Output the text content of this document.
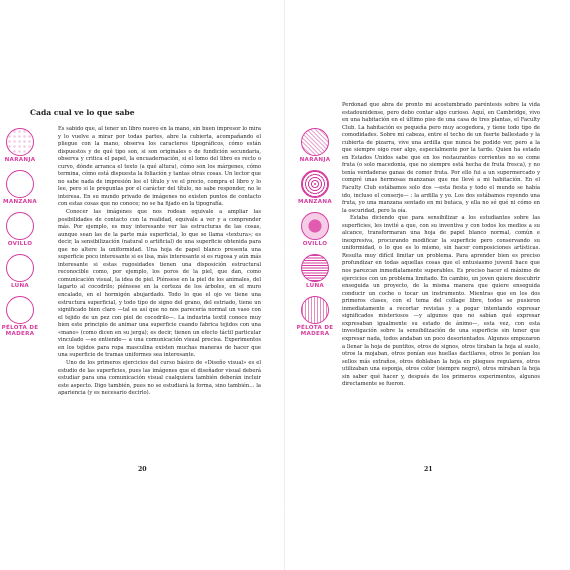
Cada cual ve lo que sabe
NARANJA
MANZANA
OVILLO
LUNA
PÉLOTA DE MADERA

Es sabido que, al tener un libro nuevo en la mano, sin buen impresor lo mira y lo vuelve a mirar por todas partes, abre la cubierta, acompañando el pliegue con la mano, observa los caracteres tipográficos, cómo están dispuestos y de qué tipo son, si son originales o de fundición secundaria, observa y critica el papel, la encuadernación, si el lomo del libro es recto o curvo, dónde arranca el texto (a qué altura), cómo son los márgenes, cómo termina, cómo está dispuesta la foliación y tantas otras cosas. Un lector que no sabe nada de impresión lee el título y ve el precio, compra el libro y lo lee, pero si le preguntas por el carácter del título, no sabe responder, no le interesa. En su mundo privado de imágenes no existen puntos de contacto con estas cosas que no conoce; no se ha fijado en la tipografía.

Conocer las imágenes que nos rodean equivale a ampliar las posibilidades de contacto con la realidad, equivale a ver y a comprender más. Por ejemplo, es muy interesante ver las estructuras de las cosas, aunque sean las de la parte más superficial, lo que se llama «textura»; es decir, la sensibilización (natural o artificial) de una superficie obtenida para que no altere la uniformidad. Una hoja de papel blanco presenta una superficie poco interesante si es lisa, más interesante si es rugosa y aún más interesante si estas rugosidades tienen una disposición estructural reconocible como, por ejemplo, los poros de la piel, que dan, como comunicación visual, la idea de piel. Piénsese en la piel de los animales, del lagarto al cocodrilo; piénsese en la corteza de los árboles, en el muro encalado, en el hormigón abujardado. Todo lo que el ojo ve tiene una estructura superficial, y todo tipo de signo del grano, del estriado, tiene un significado bien claro —tal es así que no nos parecería normal un vaso con el tejido de un pez con piel de cocodrilo—. La industria textil conoce muy bien este principio de animar una superficie cuando fabrica tejidos con una «mano» (como dicen en su jerga); es decir, tienen un efecto táctil particular vinculado —se entiende— a una comunicación visual precisa. Experimentos en los tejidos para ropa masculina existen muchas maneras de hacer que una superficie de tramas uniformes sea interesante.

Uno de los primeros ejercicios del curso básico de «Diseño visual» es el estudio de las superficies, pues las imágenes que el diseñador visual deberá estudiar para una comunicación visual cualquiera también deberán incluir este aspecto. Digo también, pues no se estudiará la forma, sino también… la apariencia (y es necesario decirlo).

20	21
NARANJA
MANZANA
OVILLO
LUNA
PÉLOTA DE MADERA

Perdonad que abra de pronto mi acostumbrado paréntesis sobre la vida estadounidense, pero debo contar algo curioso. Aquí, en Cambridge, vivo en una habitación en el último piso de una casa de tres plantas, el Faculty Club. La habitación es pequeña pero muy acogedora, y tiene todo tipo de comodidades. Sobre mi cabeza, entre el techo de un fuerte ballestado y la cubierta de pizarra, vive una ardilla que nunca he podido ver, pero a la que siempre oigo roer algo, especialmente por la tarde. Quien ha estado en Estados Unidos sabe que en los restaurantes corrientes no se come fruta (o solo macedonia, que no siempre está hecha de fruta fresca), y no tenía verdaderas ganas de comer fruta. Por ello fui a un supermercado y compré unas hermosas manzanas que me llevé a mi habitación. En el Faculty Club estábamos solo dos —esta fiesta y todo el mundo se había ido, incluso el conserje— : la ardilla y yo. Los dos estábamos royendo una fruta, yo una manzana sentado en mi butaca, y ella no sé qué ni cómo en la oscuridad, pero la oía.

Estaba diciendo que para sensibilizar a los estudiantes sobre las superficies, les invité a que, con su inventiva y con todos los medios a su alcance, transformaran una hoja de papel blanco normal, común e inexpresiva, procurando modificar la superficie pero conservando su uniformidad, o lo que es lo mismo, sin hacer composiciones artísticas. Resulta muy difícil limitar un problema. Para aprender bien es preciso profundizar en todas aquellas cosas que el entusiasmo juvenil hace que nos parezcan inmediatamente superables. Es preciso hacer el máximo de ejercicios con un problema limitado. En cambio, un joven quiere descubrir enseguida un proyecto, de la misma manera que quiere enseguida conducir un coche o tocar un instrumento. Mientras que en los dos primeros clases, con el tema del collage libre, todos se pusieron inmediatamente a recortar revistas y a pegar intentando expresar significados misteriosos —y algunos que no sabían qué expresar expresaban igualmente su estado de ánimo—, esta vez, con esta investigación sobre la sensibilización de una superficie sin tener que expresar nada, todos andaban un poco desorientados. Algunos empezaron a llenar la hoja de puntitos, otros de signos, otros tiraban la hoja al suelo, otros la mojaban, otros ponían sus huellas dactilares, otros le ponían los sellos más extraños, otros doblaban la hoja en pliegues regulares, otros utilizaban una esponja, otros color (siempre negro), otros miraban la hoja sin saber qué hacer y, después de los primeros experimentos, algunos directamente se fueron.
